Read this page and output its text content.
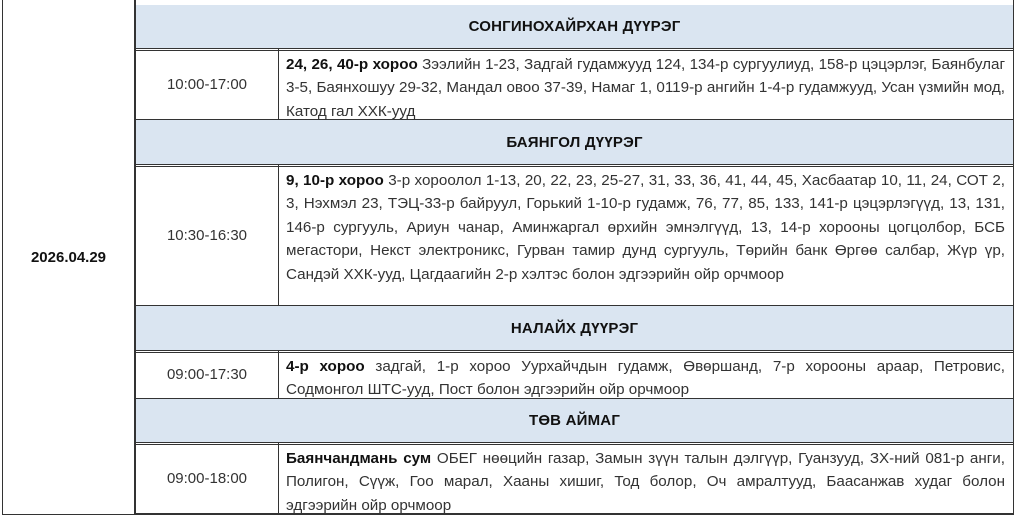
2026.04.29
СОНГИНОХАЙРХАН ДҮҮРЭГ
10:00-17:00
24, 26, 40-р хороо Зээлийн 1-23, Задгай гудамжууд 124, 134-р сургуулиуд, 158-р цэцэрлэг, Баянбулаг 3-5, Баянхошуу 29-32, Мандал овоо 37-39, Намаг 1, 0119-р ангийн 1-4-р гудамжууд, Усан үзмийн мод, Катод гал ХХК-ууд
БАЯНГОЛ ДҮҮРЭГ
10:30-16:30
9, 10-р хороо 3-р хороолол 1-13, 20, 22, 23, 25-27, 31, 33, 36, 41, 44, 45, Хасбаатар 10, 11, 24, СОТ 2, 3, Нэхмэл 23, ТЭЦ-33-р байруул, Горький 1-10-р гудамж, 76, 77, 85, 133, 141-р цэцэрлэгүүд, 13, 131, 146-р сургууль, Ариун чанар, Аминжаргал өрхийн эмнэлгүүд, 13, 14-р хорооны цогцолбор, БСБ мегастори, Некст электроникс, Гурван тамир дунд сургууль, Төрийн банк Өргөө салбар, Жүр үр, Сандэй ХХК-ууд, Цагдаагийн 2-р хэлтэс болон эдгээрийн ойр орчмоор
НАЛАЙХ ДҮҮРЭГ
09:00-17:30	4-р хороо задгай, 1-р хороо Уурхайчдын гудамж, Өвөршанд, 7-р хорооны араар, Петровис, Содмонгол ШТС-ууд, Пост болон эдгээрийн ойр орчмоор
ТӨВ АЙМАГ
09:00-18:00
Баянчандмань сум ОБЕГ нөөцийн газар, Замын зүүн талын дэлгүүр, Гуанзууд, ЗХ-ний 081-р анги, Полигон, Сүүж, Гоо марал, Хааны хишиг, Тод болор, Оч амралтууд, Баасанжав худаг болон эдгээрийн ойр орчмоор
